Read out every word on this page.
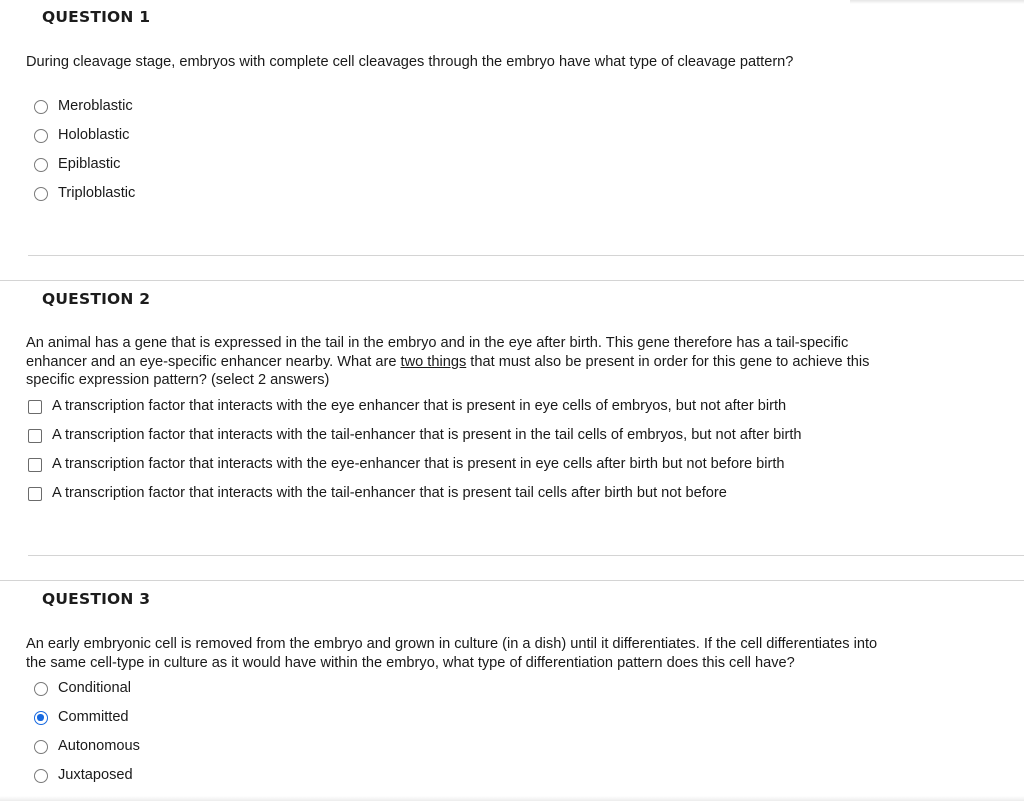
QUESTION 1
During cleavage stage, embryos with complete cell cleavages through the embryo have what type of cleavage pattern?
Meroblastic
Holoblastic
Epiblastic
Triploblastic
QUESTION 2
An animal has a gene that is expressed in the tail in the embryo and in the eye after birth. This gene therefore has a tail-specific
enhancer and an eye-specific enhancer nearby. What are two things that must also be present in order for this gene to achieve this
specific expression pattern? (select 2 answers)
A transcription factor that interacts with the eye enhancer that is present in eye cells of embryos, but not after birth
A transcription factor that interacts with the tail-enhancer that is present in the tail cells of embryos, but not after birth
A transcription factor that interacts with the eye-enhancer that is present in eye cells after birth but not before birth
A transcription factor that interacts with the tail-enhancer that is present tail cells after birth but not before
QUESTION 3
An early embryonic cell is removed from the embryo and grown in culture (in a dish) until it differentiates. If the cell differentiates into
the same cell-type in culture as it would have within the embryo, what type of differentiation pattern does this cell have?
Conditional
Committed
Autonomous
Juxtaposed
